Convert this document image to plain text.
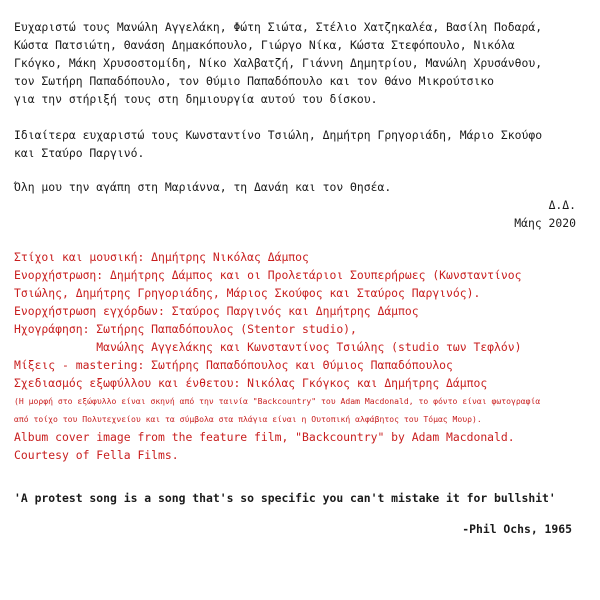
Ευχαριστώ τους Μανώλη Αγγελάκη, Φώτη Σιώτα, Στέλιο Χατζηκαλέα, Βασίλη Ποδαρά,

Κώστα Πατσιώτη, Θανάση Δημακόπουλο, Γιώργο Νίκα, Κώστα Στεφόπουλο, Νικόλα

Γκόγκο, Μάκη Χρυσοστομίδη, Νίκο Χαλβατζή, Γιάννη Δημητρίου, Μανώλη Χρυσάνθου,

τον Σωτήρη Παπαδόπουλο, τον Θύμιο Παπαδόπουλο και τον Θάνο Μικρούτσικο

για την στήριξή τους στη δημιουργία αυτού του δίσκου.

Ιδιαίτερα ευχαριστώ τους Κωνσταντίνο Τσιώλη, Δημήτρη Γρηγοριάδη, Μάριο Σκούφο

και Σταύρο Παργινό.

Όλη μου την αγάπη στη Μαριάννα, τη Δανάη και τον Θησέα.

Δ.Δ.

Μάης 2020

Στίχοι και μουσική: Δημήτρης Νικόλας Δάμπος

Ενορχήστρωση: Δημήτρης Δάμπος και οι Προλετάριοι Σουπερήρωες (Κωνσταντίνος

Τσιώλης, Δημήτρης Γρηγοριάδης, Μάριος Σκούφος και Σταύρος Παργινός).

Ενορχήστρωση εγχόρδων: Σταύρος Παργινός και Δημήτρης Δάμπος

Ηχογράφηση: Σωτήρης Παπαδόπουλος (Stentor studio),

Μανώλης Αγγελάκης και Κωνσταντίνος Τσιώλης (studio των Τεφλόν)

Μίξεις - mastering: Σωτήρης Παπαδόπουλος και Θύμιος Παπαδόπουλος

Σχεδιασμός εξωφύλλου και ένθετου: Νικόλας Γκόγκος και Δημήτρης Δάμπος

(Η μορφή στο εξώφυλλο είναι σκηνή από την ταινία "Backcountry" του Adam Macdonald, το φόντο είναι φωτογραφία

από τοίχο του Πολυτεχνείου και τα σύμβολα στα πλάγια είναι η Ουτοπική αλφάβητος του Τόμας Μουρ).

Album cover image from the feature film, "Backcountry" by Adam Macdonald.

Courtesy of Fella Films.

'A protest song is a song that's so specific you can't mistake it for bullshit'

-Phil Ochs, 1965
